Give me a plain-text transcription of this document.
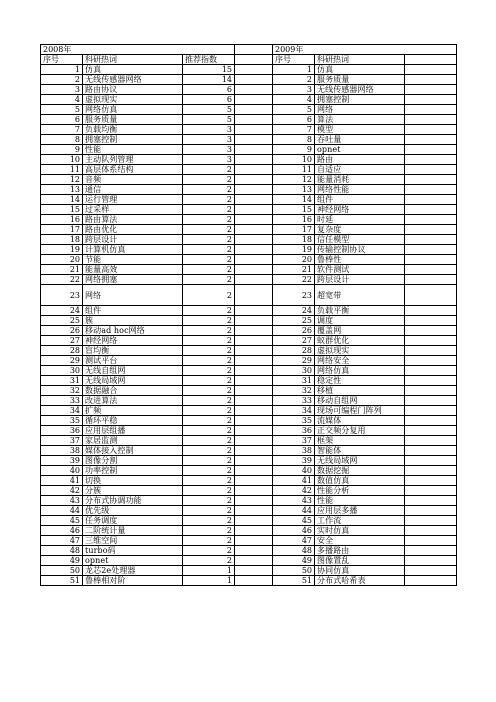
2008年				2009年		
序号	科研热词	推荐指数		序号	科研热词	
1	仿真	15		1	仿真	
2	无线传感器网络	14		2	服务质量	
3	路由协议	6		3	无线传感器网络	
4	虚拟现实	6		4	拥塞控制	
5	网络仿真	5		5	网络	
6	服务质量	5		6	算法	
7	负载均衡	3		7	模型	
8	拥塞控制	3		8	吞吐量	
9	性能	3		9	opnet	
10	主动队列管理	3		10	路由	
11	高层体系结构	2		11	自适应	
12	音频	2		12	能量消耗	
13	通信	2		13	网络性能	
14	运行管理	2		14	组件	
15	过采样	2		15	神经网络	
16	路由算法	2		16	时延	
17	路由优化	2		17	复杂度	
18	跨层设计	2		18	信任模型	
19	计算机仿真	2		19	传输控制协议	
20	节能	2		20	鲁棒性	
21	能量高效	2		21	软件测试	
22	网络拥塞	2		22	跨层设计	
23	网络	2		23	超宽带	
24	组件	2		24	负载平衡	
25	簇	2		25	调度	
26	移动ad hoc网络	2		26	覆盖网	
27	神经网络	2		27	蚁群优化	
28	盲均衡	2		28	虚拟现实	
29	测试平台	2		29	网络安全	
30	无线自组网	2		30	网络仿真	
31	无线局域网	2		31	稳定性	
32	数据融合	2		32	移植	
33	改进算法	2		33	移动自组网	
34	扩频	2		34	现场可编程门阵列	
35	循环平稳	2		35	流媒体	
36	应用层组播	2		36	正交频分复用	
37	家居监测	2		37	框架	
38	媒体接入控制	2		38	智能体	
39	图像分割	2		39	无线局域网	
40	功率控制	2		40	数据挖掘	
41	切换	2		41	数值仿真	
42	分簇	2		42	性能分析	
43	分布式协调功能	2		43	性能	
44	优先级	2		44	应用层多播	
45	任务调度	2		45	工作流	
46	二阶统计量	2		46	实时仿真	
47	三维空间	2		47	安全	
48	turbo码	2		48	多播路由	
49	opnet	2		49	图像置乱	
50	龙芯2e处理器	1		50	协同仿真	
51	鲁棒相对阶	1		51	分布式哈希表	
